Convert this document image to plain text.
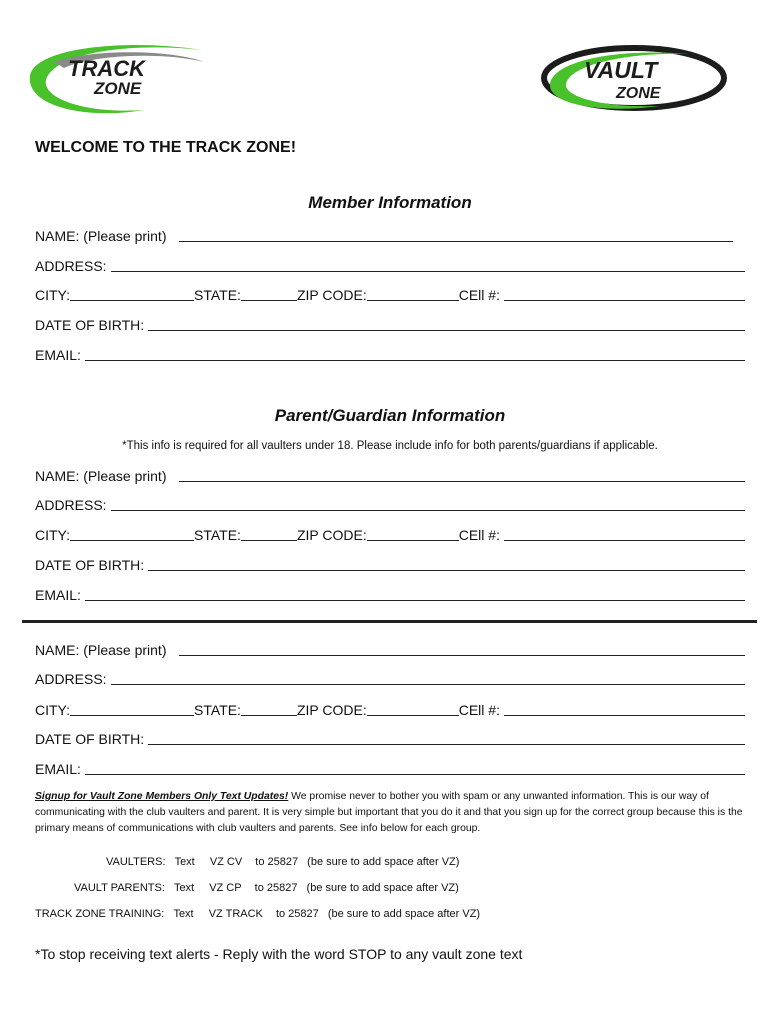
TRACK
ZONE
VAULT
ZONE
WELCOME TO THE TRACK ZONE!
Member Information
NAME: (Please print)
ADDRESS:
CITY:	STATE:	ZIP CODE:	CEll #:
DATE OF BIRTH:
EMAIL:
Parent/Guardian Information
*This info is required for all vaulters under 18. Please include info for both parents/guardians if applicable.
NAME: (Please print)
ADDRESS:
CITY:	STATE:	ZIP CODE:	CEll #:
DATE OF BIRTH:
EMAIL:
NAME: (Please print)
ADDRESS:
CITY:	STATE:	ZIP CODE:	CEll #:
DATE OF BIRTH:
EMAIL:
Signup for Vault Zone Members Only Text Updates! We promise never to bother you with spam or any unwanted information. This is our way of communicating with the club vaulters and parent. It is very simple but important that you do it and that you sign up for the correct group because this is the primary means of communications with club vaulters and parents. See info below for each group.
VAULTERS: Text VZ CV to 25827 (be sure to add space after VZ)
VAULT PARENTS: Text VZ CP to 25827 (be sure to add space after VZ)
TRACK ZONE TRAINING: Text VZ TRACK to 25827 (be sure to add space after VZ)
*To stop receiving text alerts - Reply with the word STOP to any vault zone text
